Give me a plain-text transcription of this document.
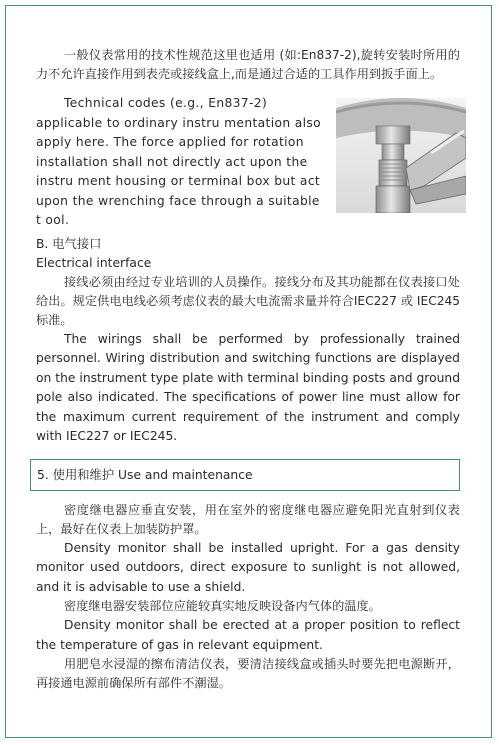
一般仪表常用的技术性规范这里也适用 (如:En837-2),旋转安装时所用的力不允许直接作用到表壳或接线盒上,而是通过合适的工具作用到扳手面上。

Technical codes (e.g., En837-2) applicable to ordinary instru mentation also apply here. The force applied for rotation installation shall not directly act upon the instru ment housing or terminal box but act upon the wrenching face through a suitable t ool.

B. 电气接口

Electrical interface

接线必须由经过专业培训的人员操作。接线分布及其功能都在仪表接口处给出。规定供电电线必须考虑仪表的最大电流需求量并符合IEC227 或 IEC245 标准。

The wirings shall be performed by professionally trained personnel. Wiring distribution and switching functions are displayed on the instrument type plate with terminal binding posts and ground pole also indicated. The specifications of power line must allow for the maximum current requirement of the instrument and comply with IEC227 or IEC245.

5. 使用和维护 Use and maintenance

密度继电器应垂直安装，用在室外的密度继电器应避免阳光直射到仪表上，最好在仪表上加装防护罩。

Density monitor shall be installed upright. For a gas density monitor used outdoors, direct exposure to sunlight is not allowed, and it is advisable to use a shield.

密度继电器安装部位应能较真实地反映设备内气体的温度。

Density monitor shall be erected at a proper position to reflect the temperature of gas in relevant equipment.

用肥皂水浸湿的擦布清洁仪表，要清洁接线盒或插头时要先把电源断开，再接通电源前确保所有部件不潮湿。
